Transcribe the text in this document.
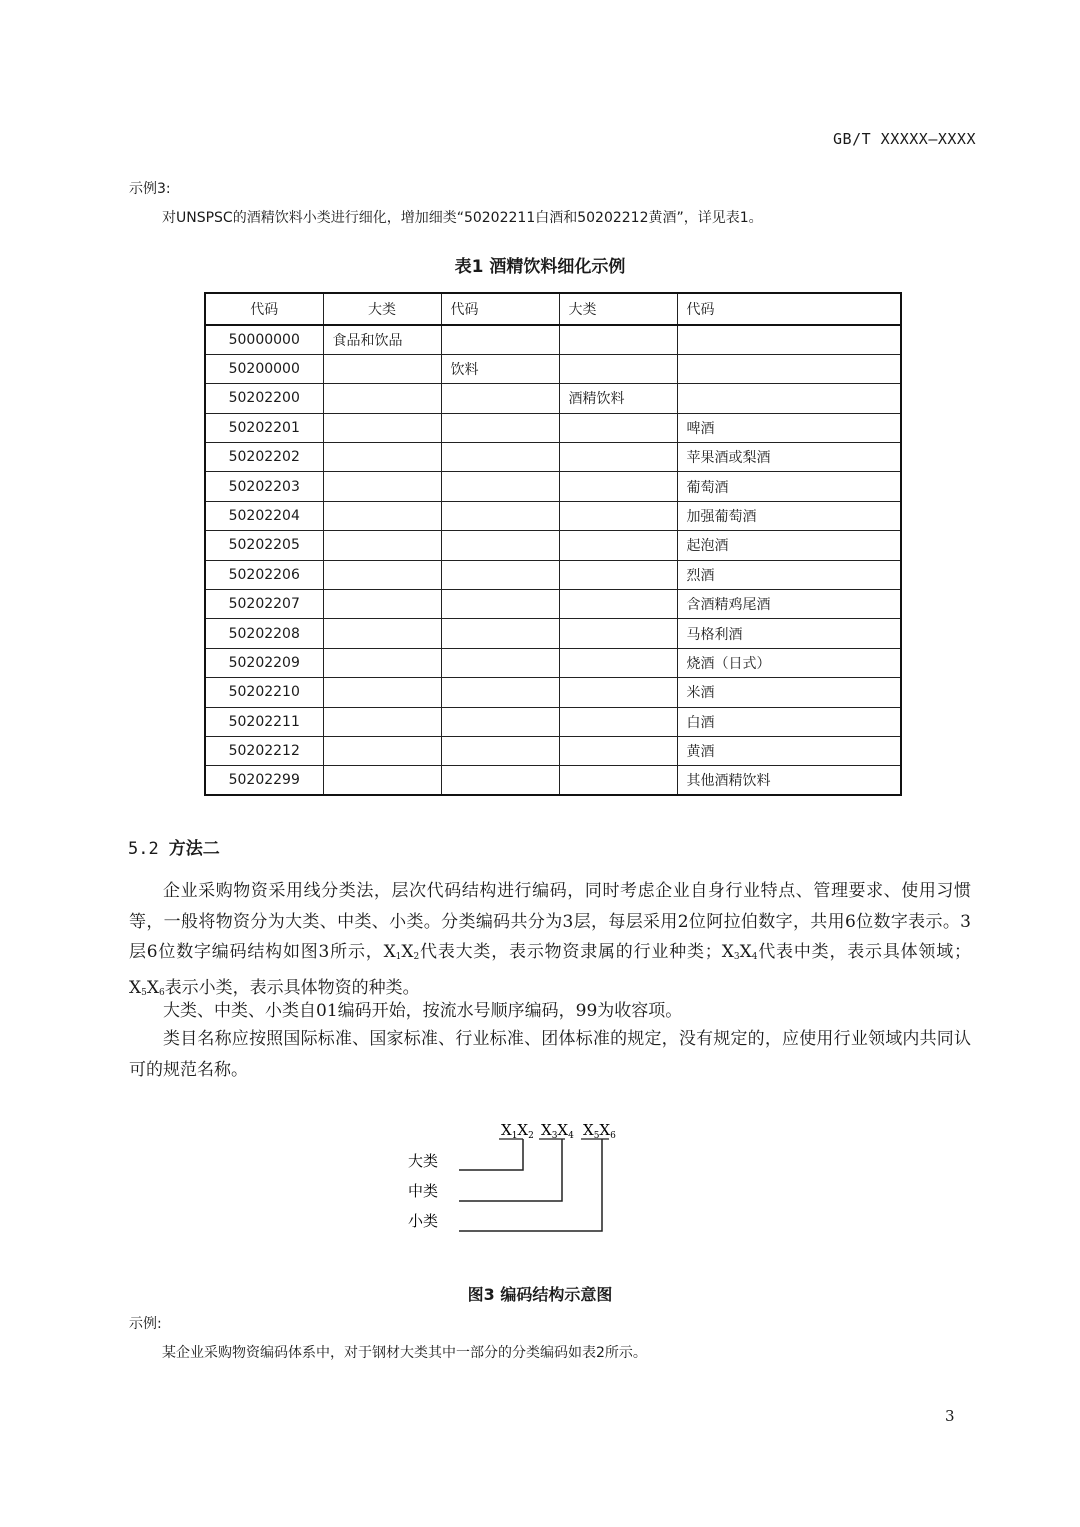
GB/T XXXXX—XXXX
示例3:
对UNSPSC的酒精饮料小类进行细化，增加细类“50202211白酒和50202212黄酒”，详见表1。
表1 酒精饮料细化示例
代码	大类	代码	大类	代码
50000000	食品和饮品			
50200000		饮料		
50202200			酒精饮料	
50202201				啤酒
50202202				苹果酒或梨酒
50202203				葡萄酒
50202204				加强葡萄酒
50202205				起泡酒
50202206				烈酒
50202207				含酒精鸡尾酒
50202208				马格利酒
50202209				烧酒（日式）
50202210				米酒
50202211				白酒
50202212				黄酒
50202299				其他酒精饮料
5.2 方法二

企业采购物资采用线分类法，层次代码结构进行编码，同时考虑企业自身行业特点、管理要求、使用习惯等，一般将物资分为大类、中类、小类。分类编码共分为3层，每层采用2位阿拉伯数字，共用6位数字表示。3层6位数字编码结构如图3所示，$X_1X_2$代表大类，表示物资隶属的行业种类；$X_3X_4$代表中类，表示具体领域；$X_5X_6$表示小类，表示具体物资的种类。

大类、中类、小类自01编码开始，按流水号顺序编码，99为收容项。

类目名称应按照国际标准、国家标准、行业标准、团体标准的规定，没有规定的，应使用行业领域内共同认可的规范名称。

$X_1X_2$ $X_3X_4$ $X_5X_6$
大类
中类
小类
图3 编码结构示意图
示例:
某企业采购物资编码体系中，对于钢材大类其中一部分的分类编码如表2所示。
3
